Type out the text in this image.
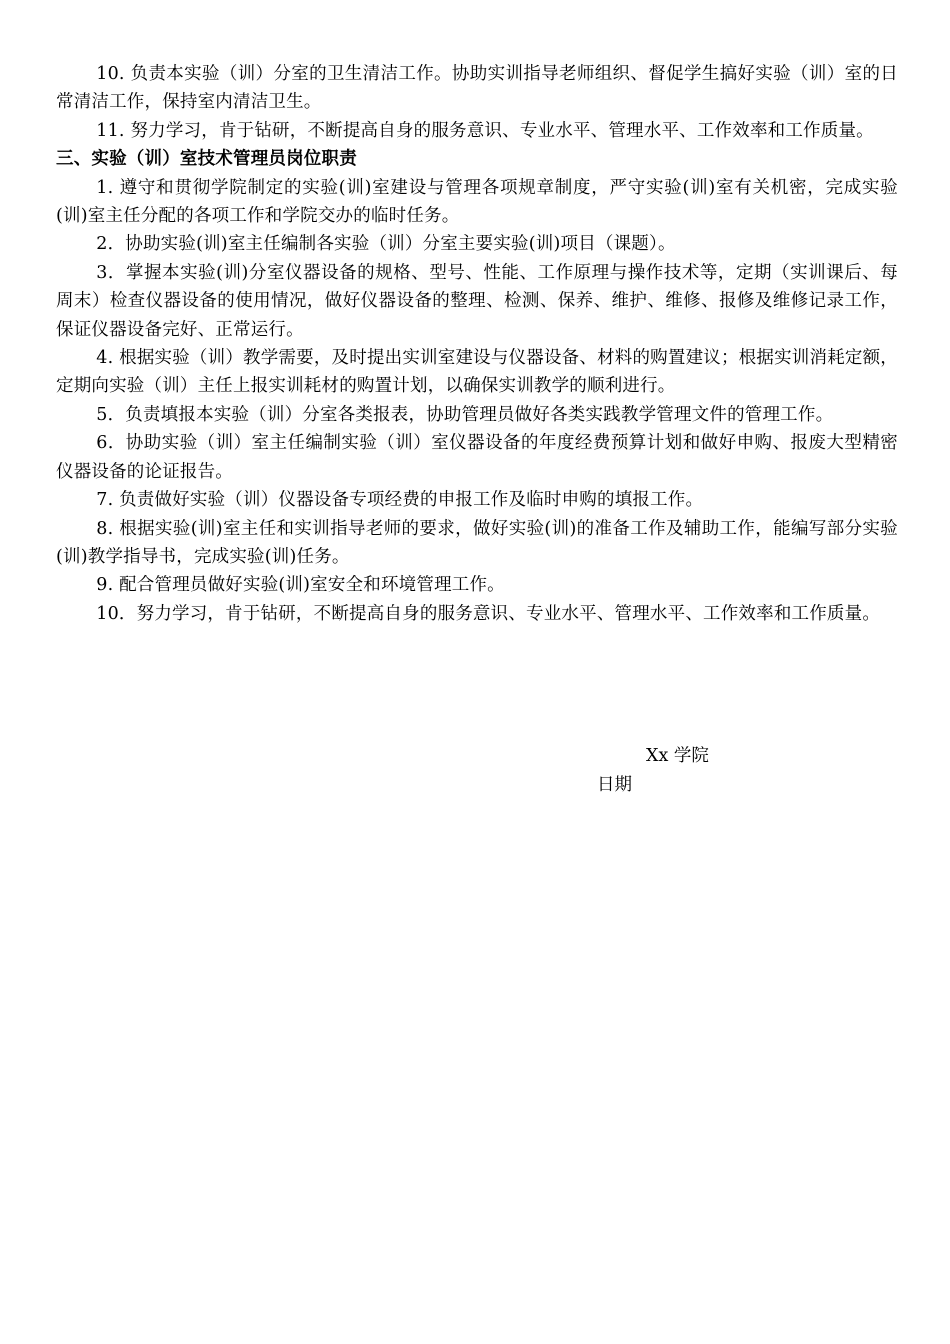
10. 负责本实验（训）分室的卫生清洁工作。协助实训指导老师组织、督促学生搞好实验（训）室的日常清洁工作，保持室内清洁卫生。

11. 努力学习，肯于钻研，不断提高自身的服务意识、专业水平、管理水平、工作效率和工作质量。

三、实验（训）室技术管理员岗位职责

1. 遵守和贯彻学院制定的实验(训)室建设与管理各项规章制度，严守实验(训)室有关机密，完成实验(训)室主任分配的各项工作和学院交办的临时任务。

2．协助实验(训)室主任编制各实验（训）分室主要实验(训)项目（课题）。

3．掌握本实验(训)分室仪器设备的规格、型号、性能、工作原理与操作技术等，定期（实训课后、每周末）检查仪器设备的使用情况，做好仪器设备的整理、检测、保养、维护、维修、报修及维修记录工作，保证仪器设备完好、正常运行。

4. 根据实验（训）教学需要，及时提出实训室建设与仪器设备、材料的购置建议；根据实训消耗定额，定期向实验（训）主任上报实训耗材的购置计划，以确保实训教学的顺利进行。

5．负责填报本实验（训）分室各类报表，协助管理员做好各类实践教学管理文件的管理工作。

6．协助实验（训）室主任编制实验（训）室仪器设备的年度经费预算计划和做好申购、报废大型精密仪器设备的论证报告。

7. 负责做好实验（训）仪器设备专项经费的申报工作及临时申购的填报工作。

8. 根据实验(训)室主任和实训指导老师的要求，做好实验(训)的准备工作及辅助工作，能编写部分实验(训)教学指导书，完成实验(训)任务。

9. 配合管理员做好实验(训)室安全和环境管理工作。

10．努力学习，肯于钻研，不断提高自身的服务意识、专业水平、管理水平、工作效率和工作质量。

Xx 学院
日期
